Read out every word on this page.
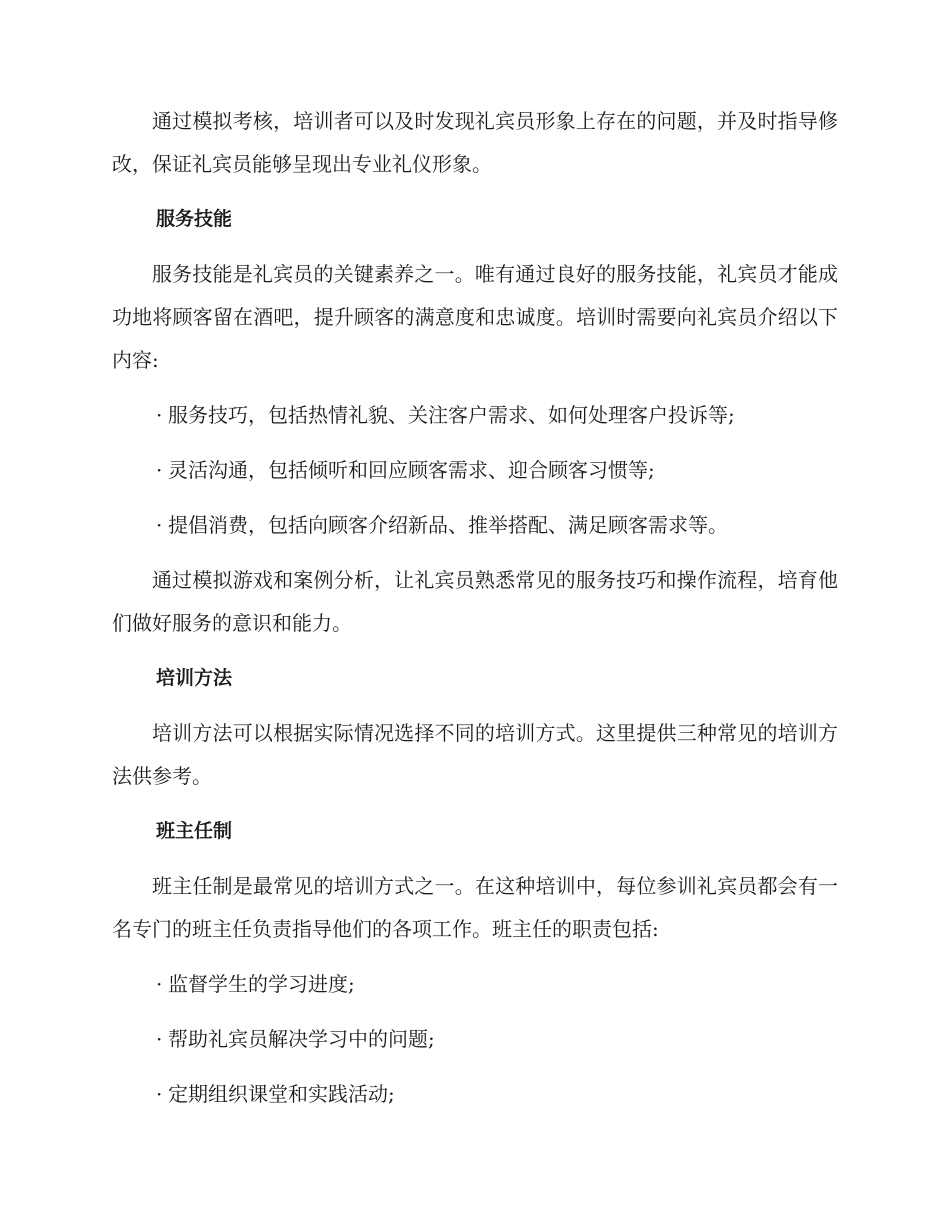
通过模拟考核，培训者可以及时发现礼宾员形象上存在的问题，并及时指导修改，保证礼宾员能够呈现出专业礼仪形象。

服务技能

服务技能是礼宾员的关键素养之一。唯有通过良好的服务技能，礼宾员才能成功地将顾客留在酒吧，提升顾客的满意度和忠诚度。培训时需要向礼宾员介绍以下内容:

· 服务技巧，包括热情礼貌、关注客户需求、如何处理客户投诉等;
· 灵活沟通，包括倾听和回应顾客需求、迎合顾客习惯等;
· 提倡消费，包括向顾客介绍新品、推举搭配、满足顾客需求等。

通过模拟游戏和案例分析，让礼宾员熟悉常见的服务技巧和操作流程，培育他们做好服务的意识和能力。

培训方法

培训方法可以根据实际情况选择不同的培训方式。这里提供三种常见的培训方法供参考。

班主任制

班主任制是最常见的培训方式之一。在这种培训中，每位参训礼宾员都会有一名专门的班主任负责指导他们的各项工作。班主任的职责包括:

· 监督学生的学习进度;
· 帮助礼宾员解决学习中的问题;
· 定期组织课堂和实践活动;
